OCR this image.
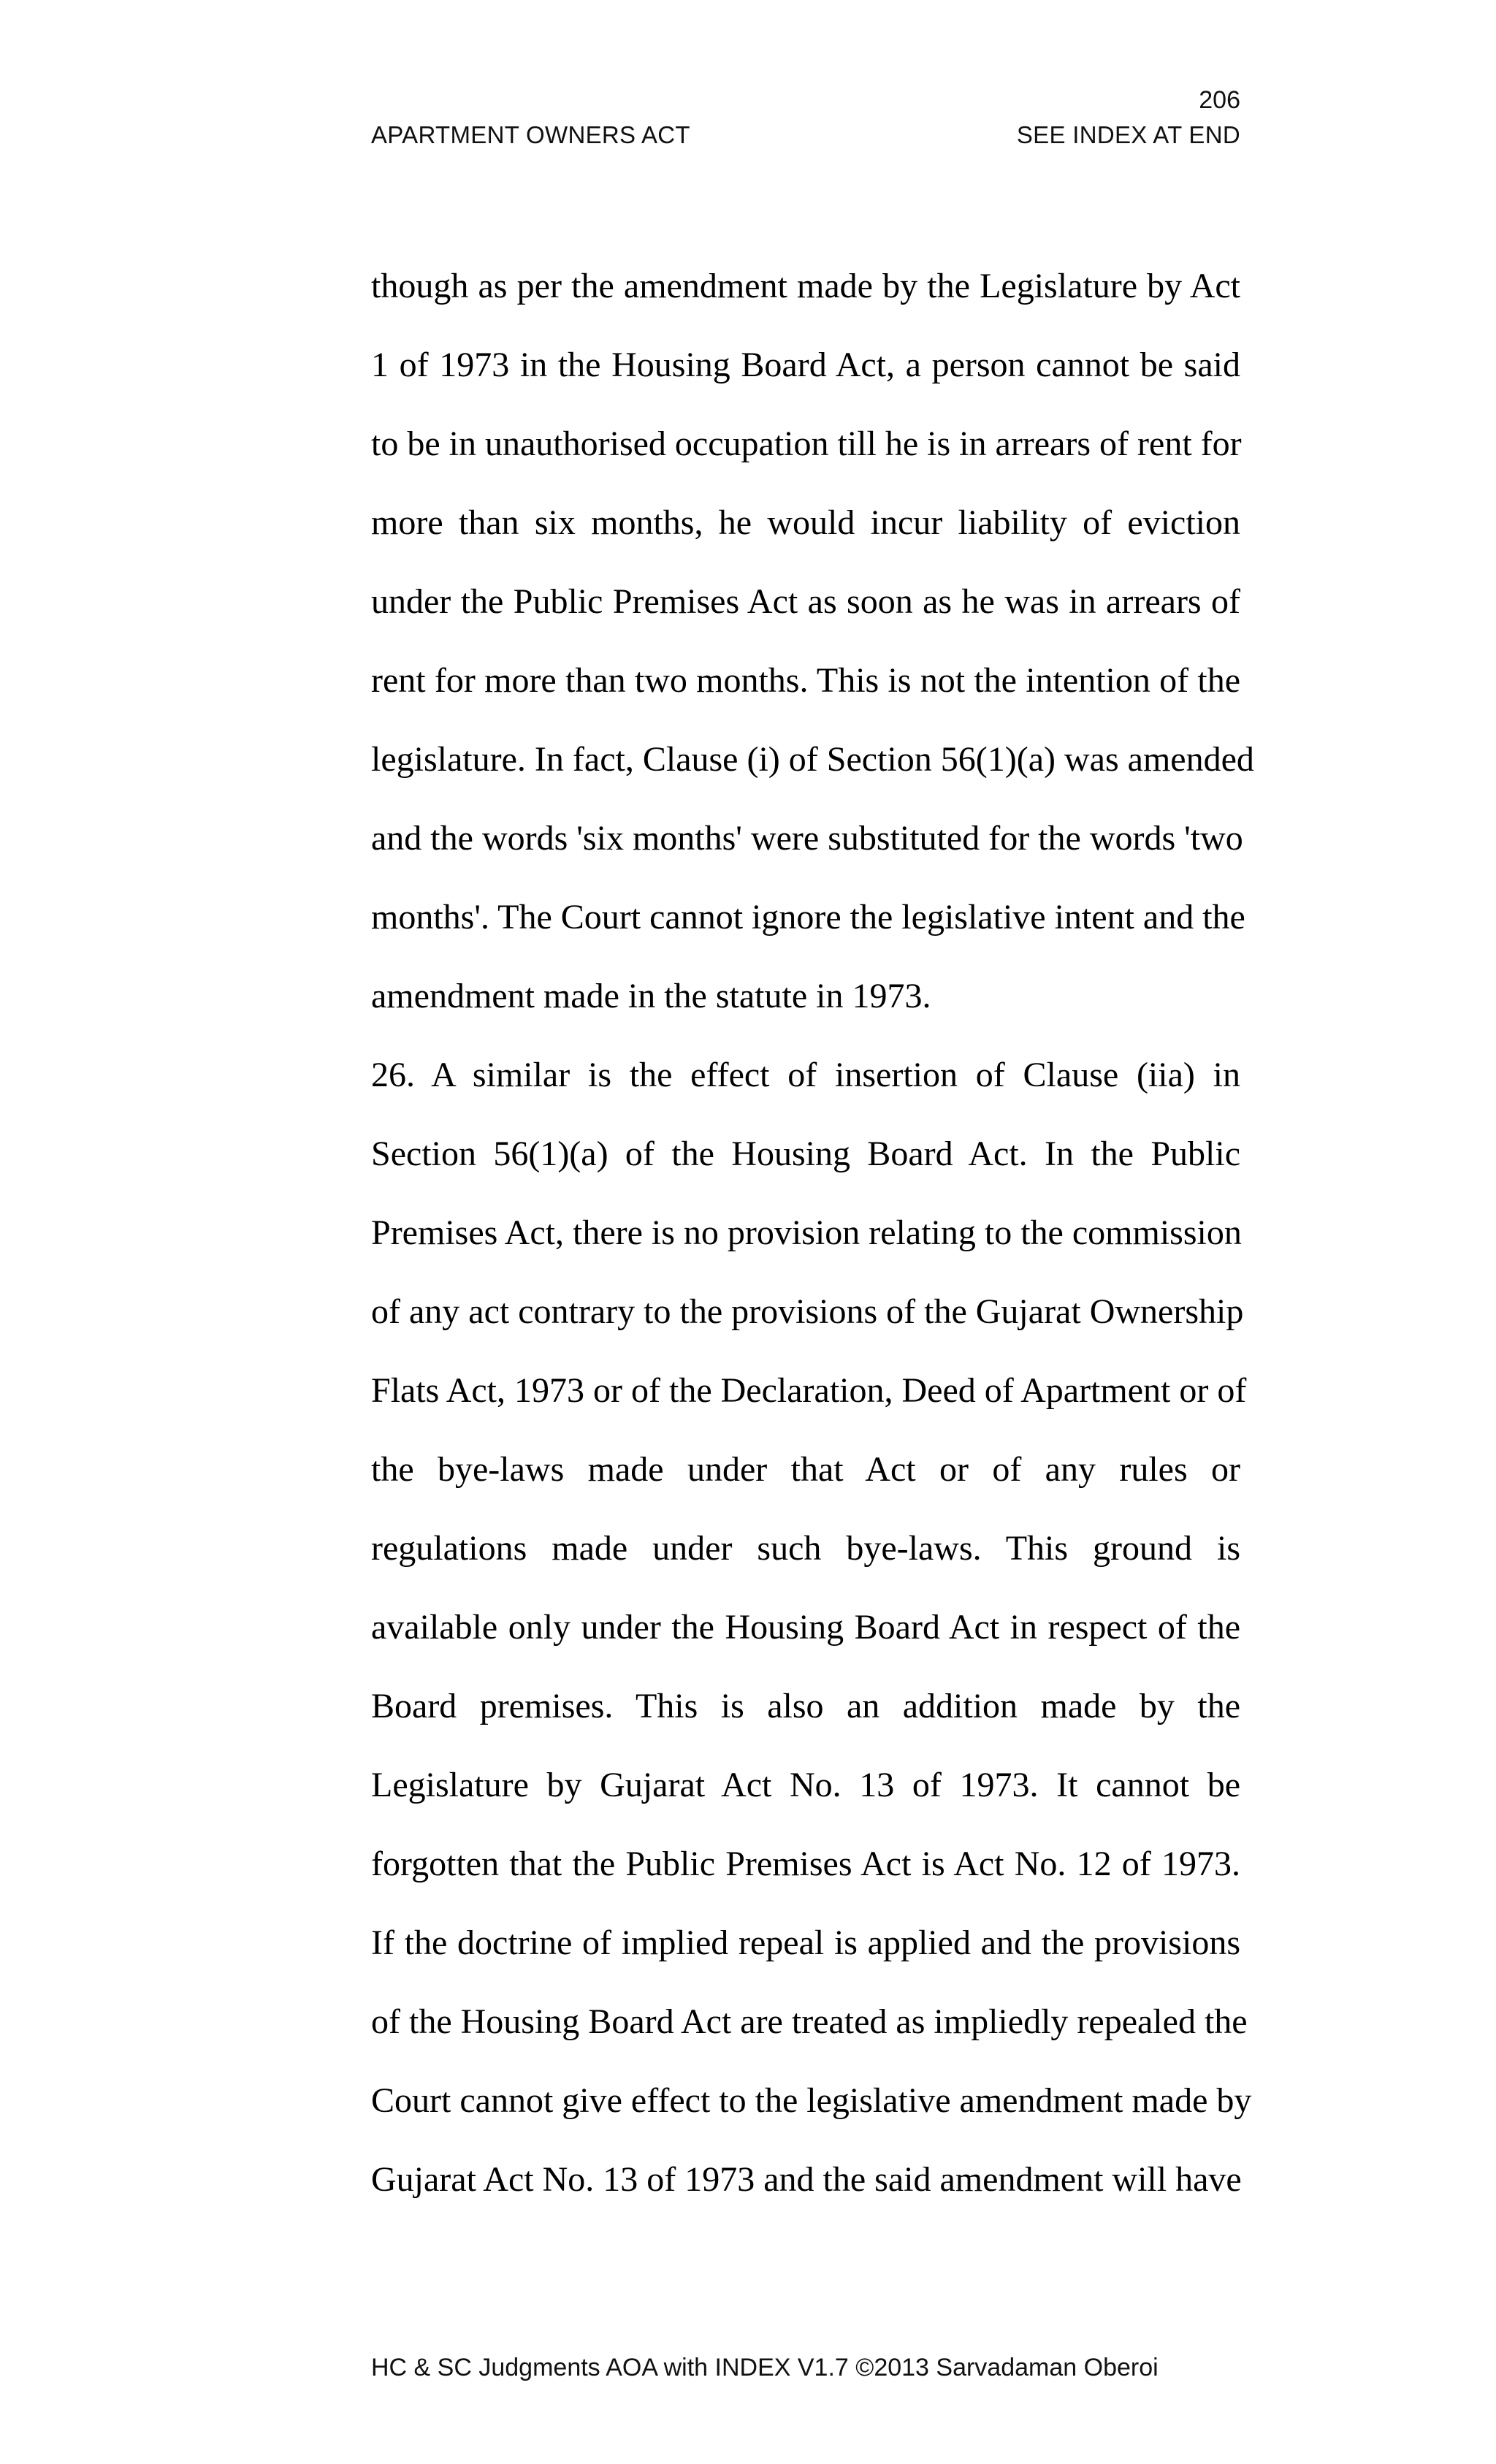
206
APARTMENT OWNERS ACT	SEE INDEX AT END
though as per the amendment made by the Legislature by Act
1 of 1973 in the Housing Board Act, a person cannot be said
to be in unauthorised occupation till he is in arrears of rent for
more than six months, he would incur liability of eviction
under the Public Premises Act as soon as he was in arrears of
rent for more than two months. This is not the intention of the
legislature. In fact, Clause (i) of Section 56(1)(a) was amended
and the words 'six months' were substituted for the words 'two
months'. The Court cannot ignore the legislative intent and the
amendment made in the statute in 1973.
26. A similar is the effect of insertion of Clause (iia) in
Section 56(1)(a) of the Housing Board Act. In the Public
Premises Act, there is no provision relating to the commission
of any act contrary to the provisions of the Gujarat Ownership
Flats Act, 1973 or of the Declaration, Deed of Apartment or of
the bye-laws made under that Act or of any rules or
regulations made under such bye-laws. This ground is
available only under the Housing Board Act in respect of the
Board premises. This is also an addition made by the
Legislature by Gujarat Act No. 13 of 1973. It cannot be
forgotten that the Public Premises Act is Act No. 12 of 1973.
If the doctrine of implied repeal is applied and the provisions
of the Housing Board Act are treated as impliedly repealed the
Court cannot give effect to the legislative amendment made by
Gujarat Act No. 13 of 1973 and the said amendment will have
HC & SC Judgments AOA with INDEX V1.7 ©2013 Sarvadaman Oberoi
